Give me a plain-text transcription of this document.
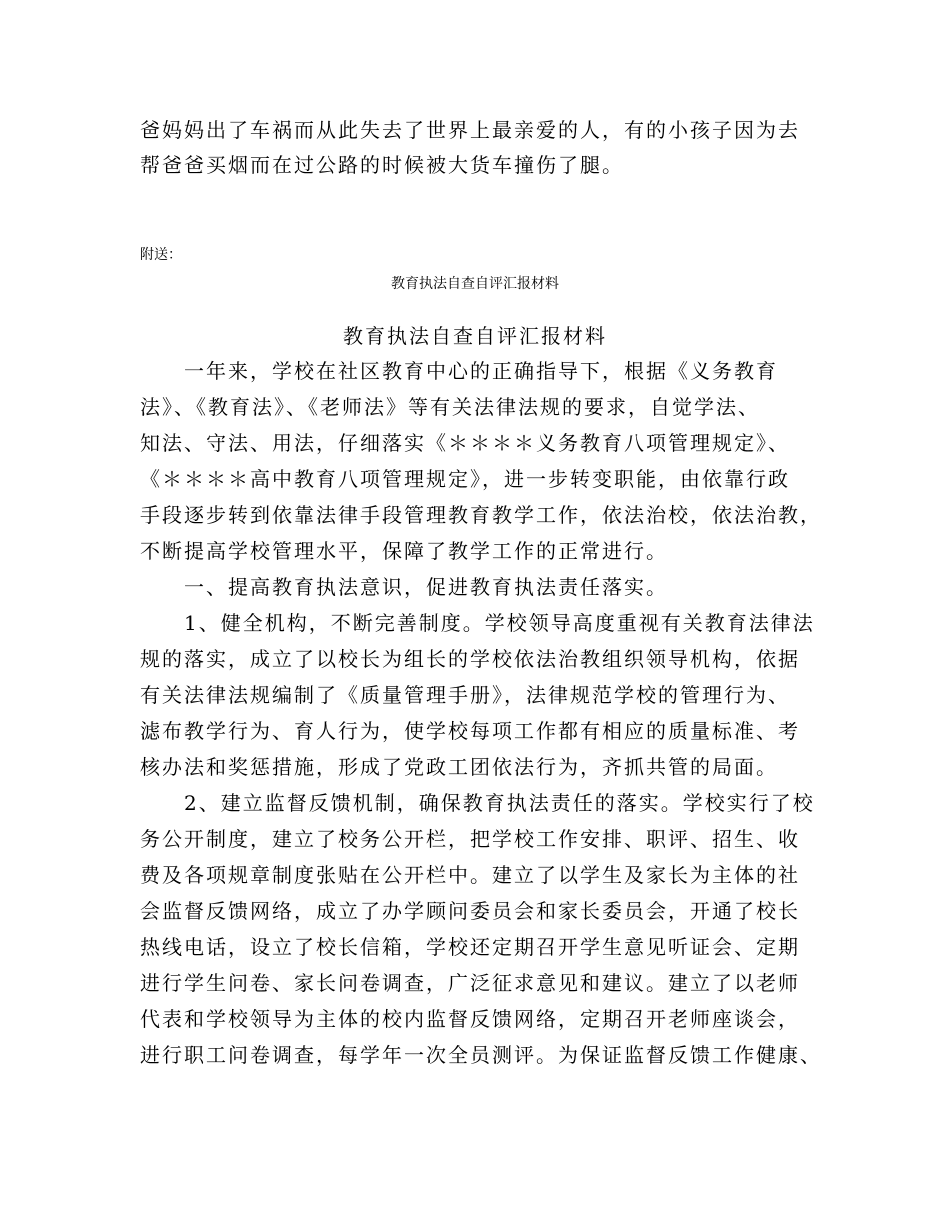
爸妈妈出了车祸而从此失去了世界上最亲爱的人，有的小孩子因为去
帮爸爸买烟而在过公路的时候被大货车撞伤了腿。
附送：
教育执法自查自评汇报材料
教育执法自查自评汇报材料
　　一年来，学校在社区教育中心的正确指导下，根据《义务教育
法》、《教育法》、《老师法》等有关法律法规的要求，自觉学法、
知法、守法、用法，仔细落实《＊＊＊＊义务教育八项管理规定》、
《＊＊＊＊高中教育八项管理规定》，进一步转变职能，由依靠行政
手段逐步转到依靠法律手段管理教育教学工作，依法治校，依法治教，
不断提高学校管理水平，保障了教学工作的正常进行。
　　一、提高教育执法意识，促进教育执法责任落实。
　　1、健全机构，不断完善制度。学校领导高度重视有关教育法律法
规的落实，成立了以校长为组长的学校依法治教组织领导机构，依据
有关法律法规编制了《质量管理手册》，法律规范学校的管理行为、
滤布教学行为、育人行为，使学校每项工作都有相应的质量标准、考
核办法和奖惩措施，形成了党政工团依法行为，齐抓共管的局面。
　　2、建立监督反馈机制，确保教育执法责任的落实。学校实行了校
务公开制度，建立了校务公开栏，把学校工作安排、职评、招生、收
费及各项规章制度张贴在公开栏中。建立了以学生及家长为主体的社
会监督反馈网络，成立了办学顾问委员会和家长委员会，开通了校长
热线电话，设立了校长信箱，学校还定期召开学生意见听证会、定期
进行学生问卷、家长问卷调查，广泛征求意见和建议。建立了以老师
代表和学校领导为主体的校内监督反馈网络，定期召开老师座谈会，
进行职工问卷调查，每学年一次全员测评。为保证监督反馈工作健康、
